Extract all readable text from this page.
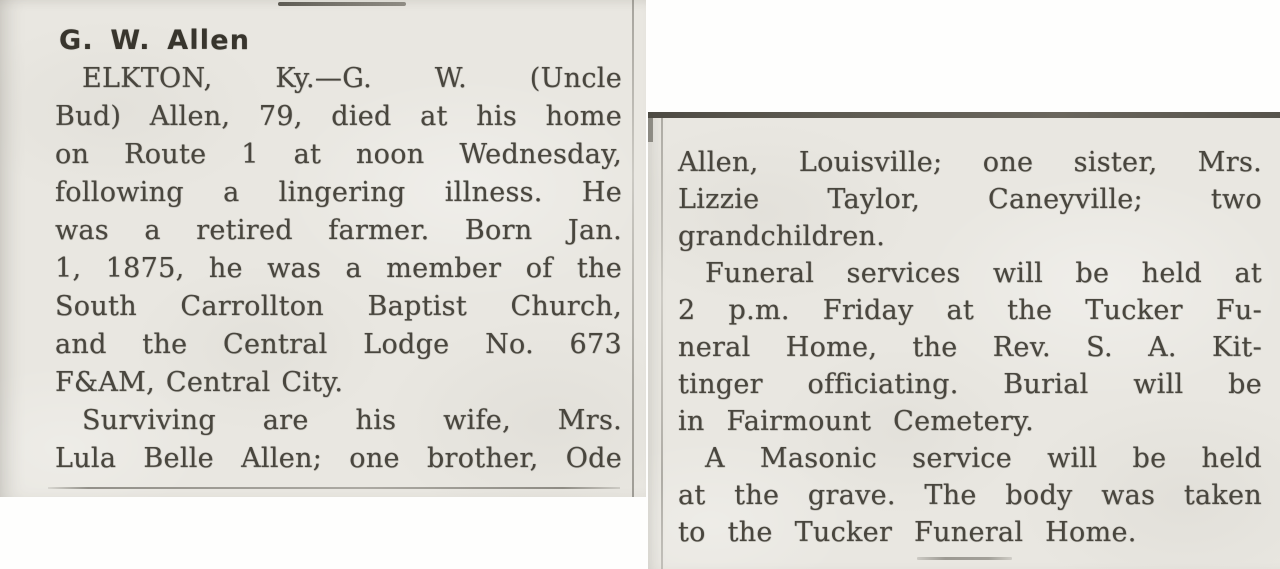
G. W. Allen
ELKTON, Ky.—G. W. (Uncle
Bud) Allen, 79, died at his home
on Route 1 at noon Wednesday,
following a lingering illness. He
was a retired farmer. Born Jan.
1, 1875, he was a member of the
South Carrollton Baptist Church,
and the Central Lodge No. 673
F&AM, Central City.
Surviving are his wife, Mrs.
Lula Belle Allen; one brother, Ode
Allen, Louisville; one sister, Mrs.
Lizzie Taylor, Caneyville; two
grandchildren.
Funeral services will be held at
2 p.m. Friday at the Tucker Fu-
neral Home, the Rev. S. A. Kit-
tinger officiating. Burial will be
in Fairmount Cemetery.
A Masonic service will be held
at the grave. The body was taken
to the Tucker Funeral Home.
